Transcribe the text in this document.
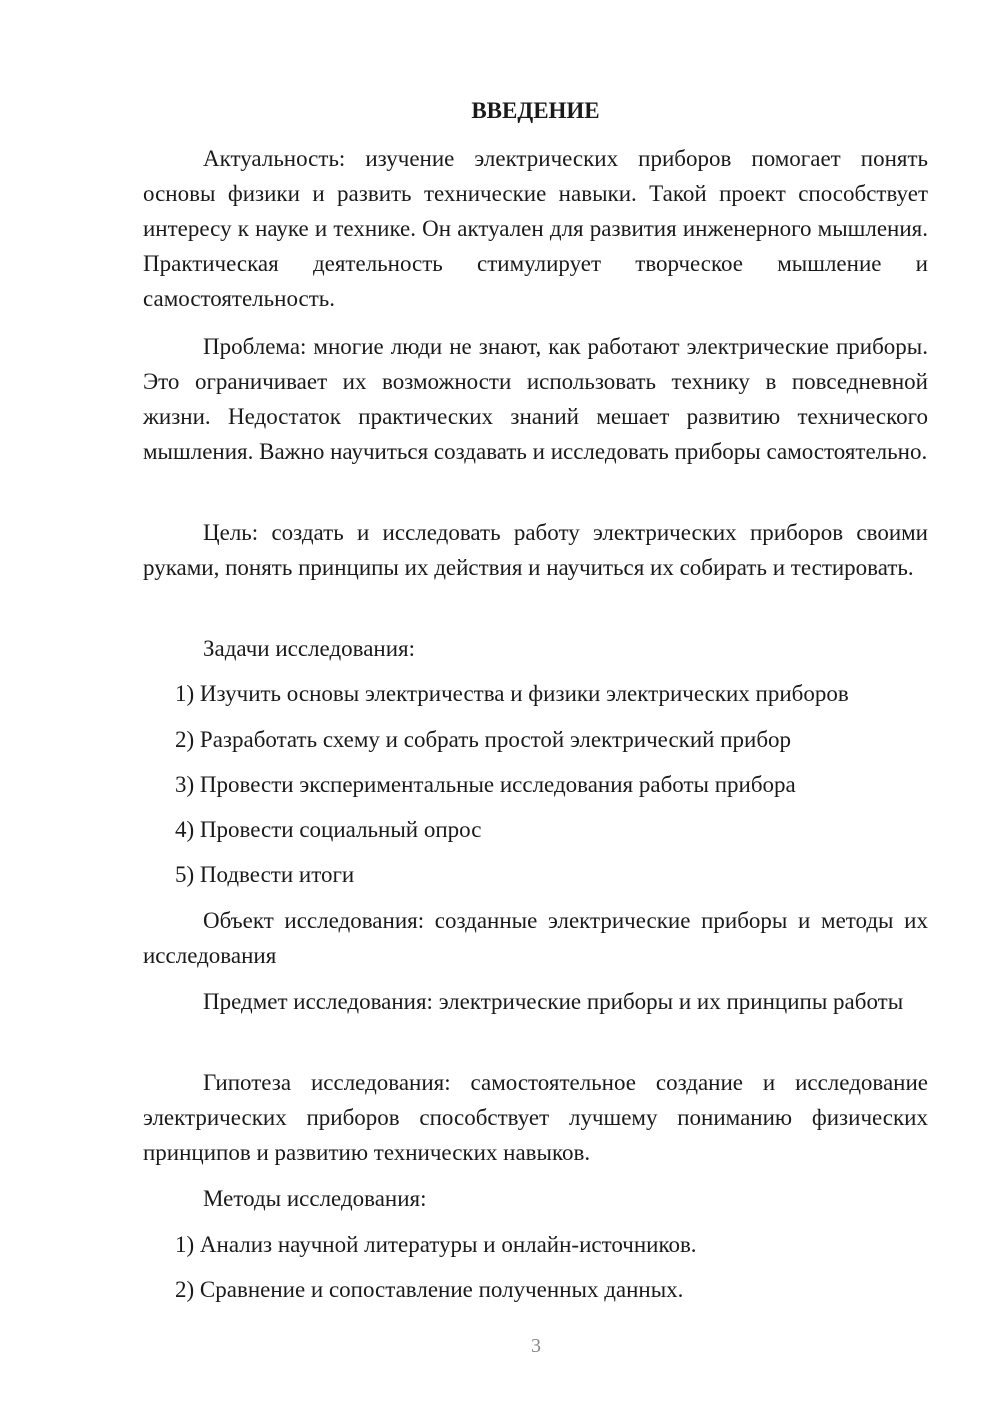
ВВЕДЕНИЕ

Актуальность: изучение электрических приборов помогает понять основы физики и развить технические навыки. Такой проект способствует интересу к науке и технике. Он актуален для развития инженерного мышления. Практическая деятельность стимулирует творческое мышление и самостоятельность.

Проблема: многие люди не знают, как работают электрические приборы. Это ограничивает их возможности использовать технику в повседневной жизни. Недостаток практических знаний мешает развитию технического мышления. Важно научиться создавать и исследовать приборы самостоятельно.

Цель: создать и исследовать работу электрических приборов своими руками, понять принципы их действия и научиться их собирать и тестировать.

Задачи исследования:

1) Изучить основы электричества и физики электрических приборов

2) Разработать схему и собрать простой электрический прибор

3) Провести экспериментальные исследования работы прибора

4) Провести социальный опрос

5) Подвести итоги

Объект исследования: созданные электрические приборы и методы их исследования

Предмет исследования: электрические приборы и их принципы работы

Гипотеза исследования: самостоятельное создание и исследование электрических приборов способствует лучшему пониманию физических принципов и развитию технических навыков.

Методы исследования:

1) Анализ научной литературы и онлайн-источников.

2) Сравнение и сопоставление полученных данных.

3
